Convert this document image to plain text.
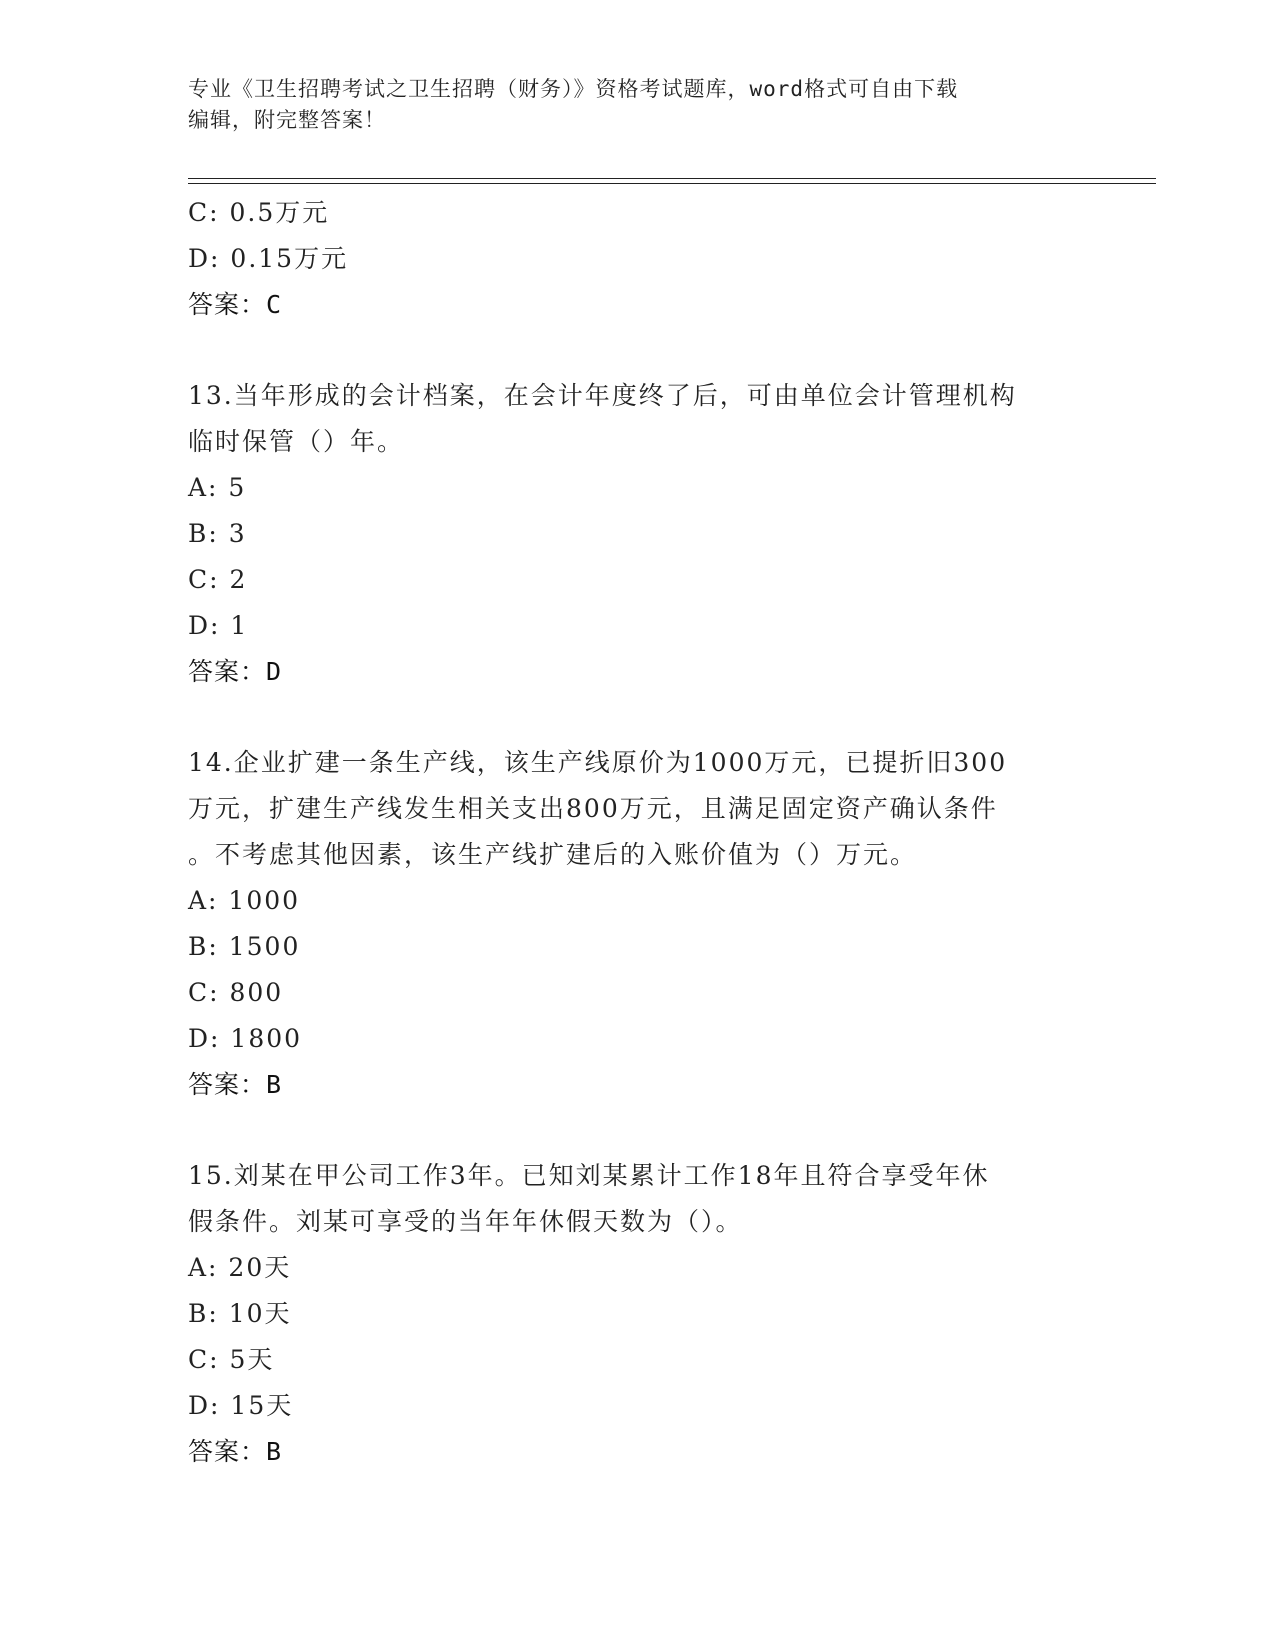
专业《卫生招聘考试之卫生招聘（财务）》资格考试题库，word格式可自由下载
编辑，附完整答案！
C: 0.5万元
D: 0.15万元
答案：C
13.当年形成的会计档案，在会计年度终了后，可由单位会计管理机构
临时保管（）年。
A: 5
B: 3
C: 2
D: 1
答案：D
14.企业扩建一条生产线，该生产线原价为1000万元，已提折旧300
万元，扩建生产线发生相关支出800万元，且满足固定资产确认条件
。不考虑其他因素，该生产线扩建后的入账价值为（）万元。
A: 1000
B: 1500
C: 800
D: 1800
答案：B
15.刘某在甲公司工作3年。已知刘某累计工作18年且符合享受年休
假条件。刘某可享受的当年年休假天数为（）。
A: 20天
B: 10天
C: 5天
D: 15天
答案：B
